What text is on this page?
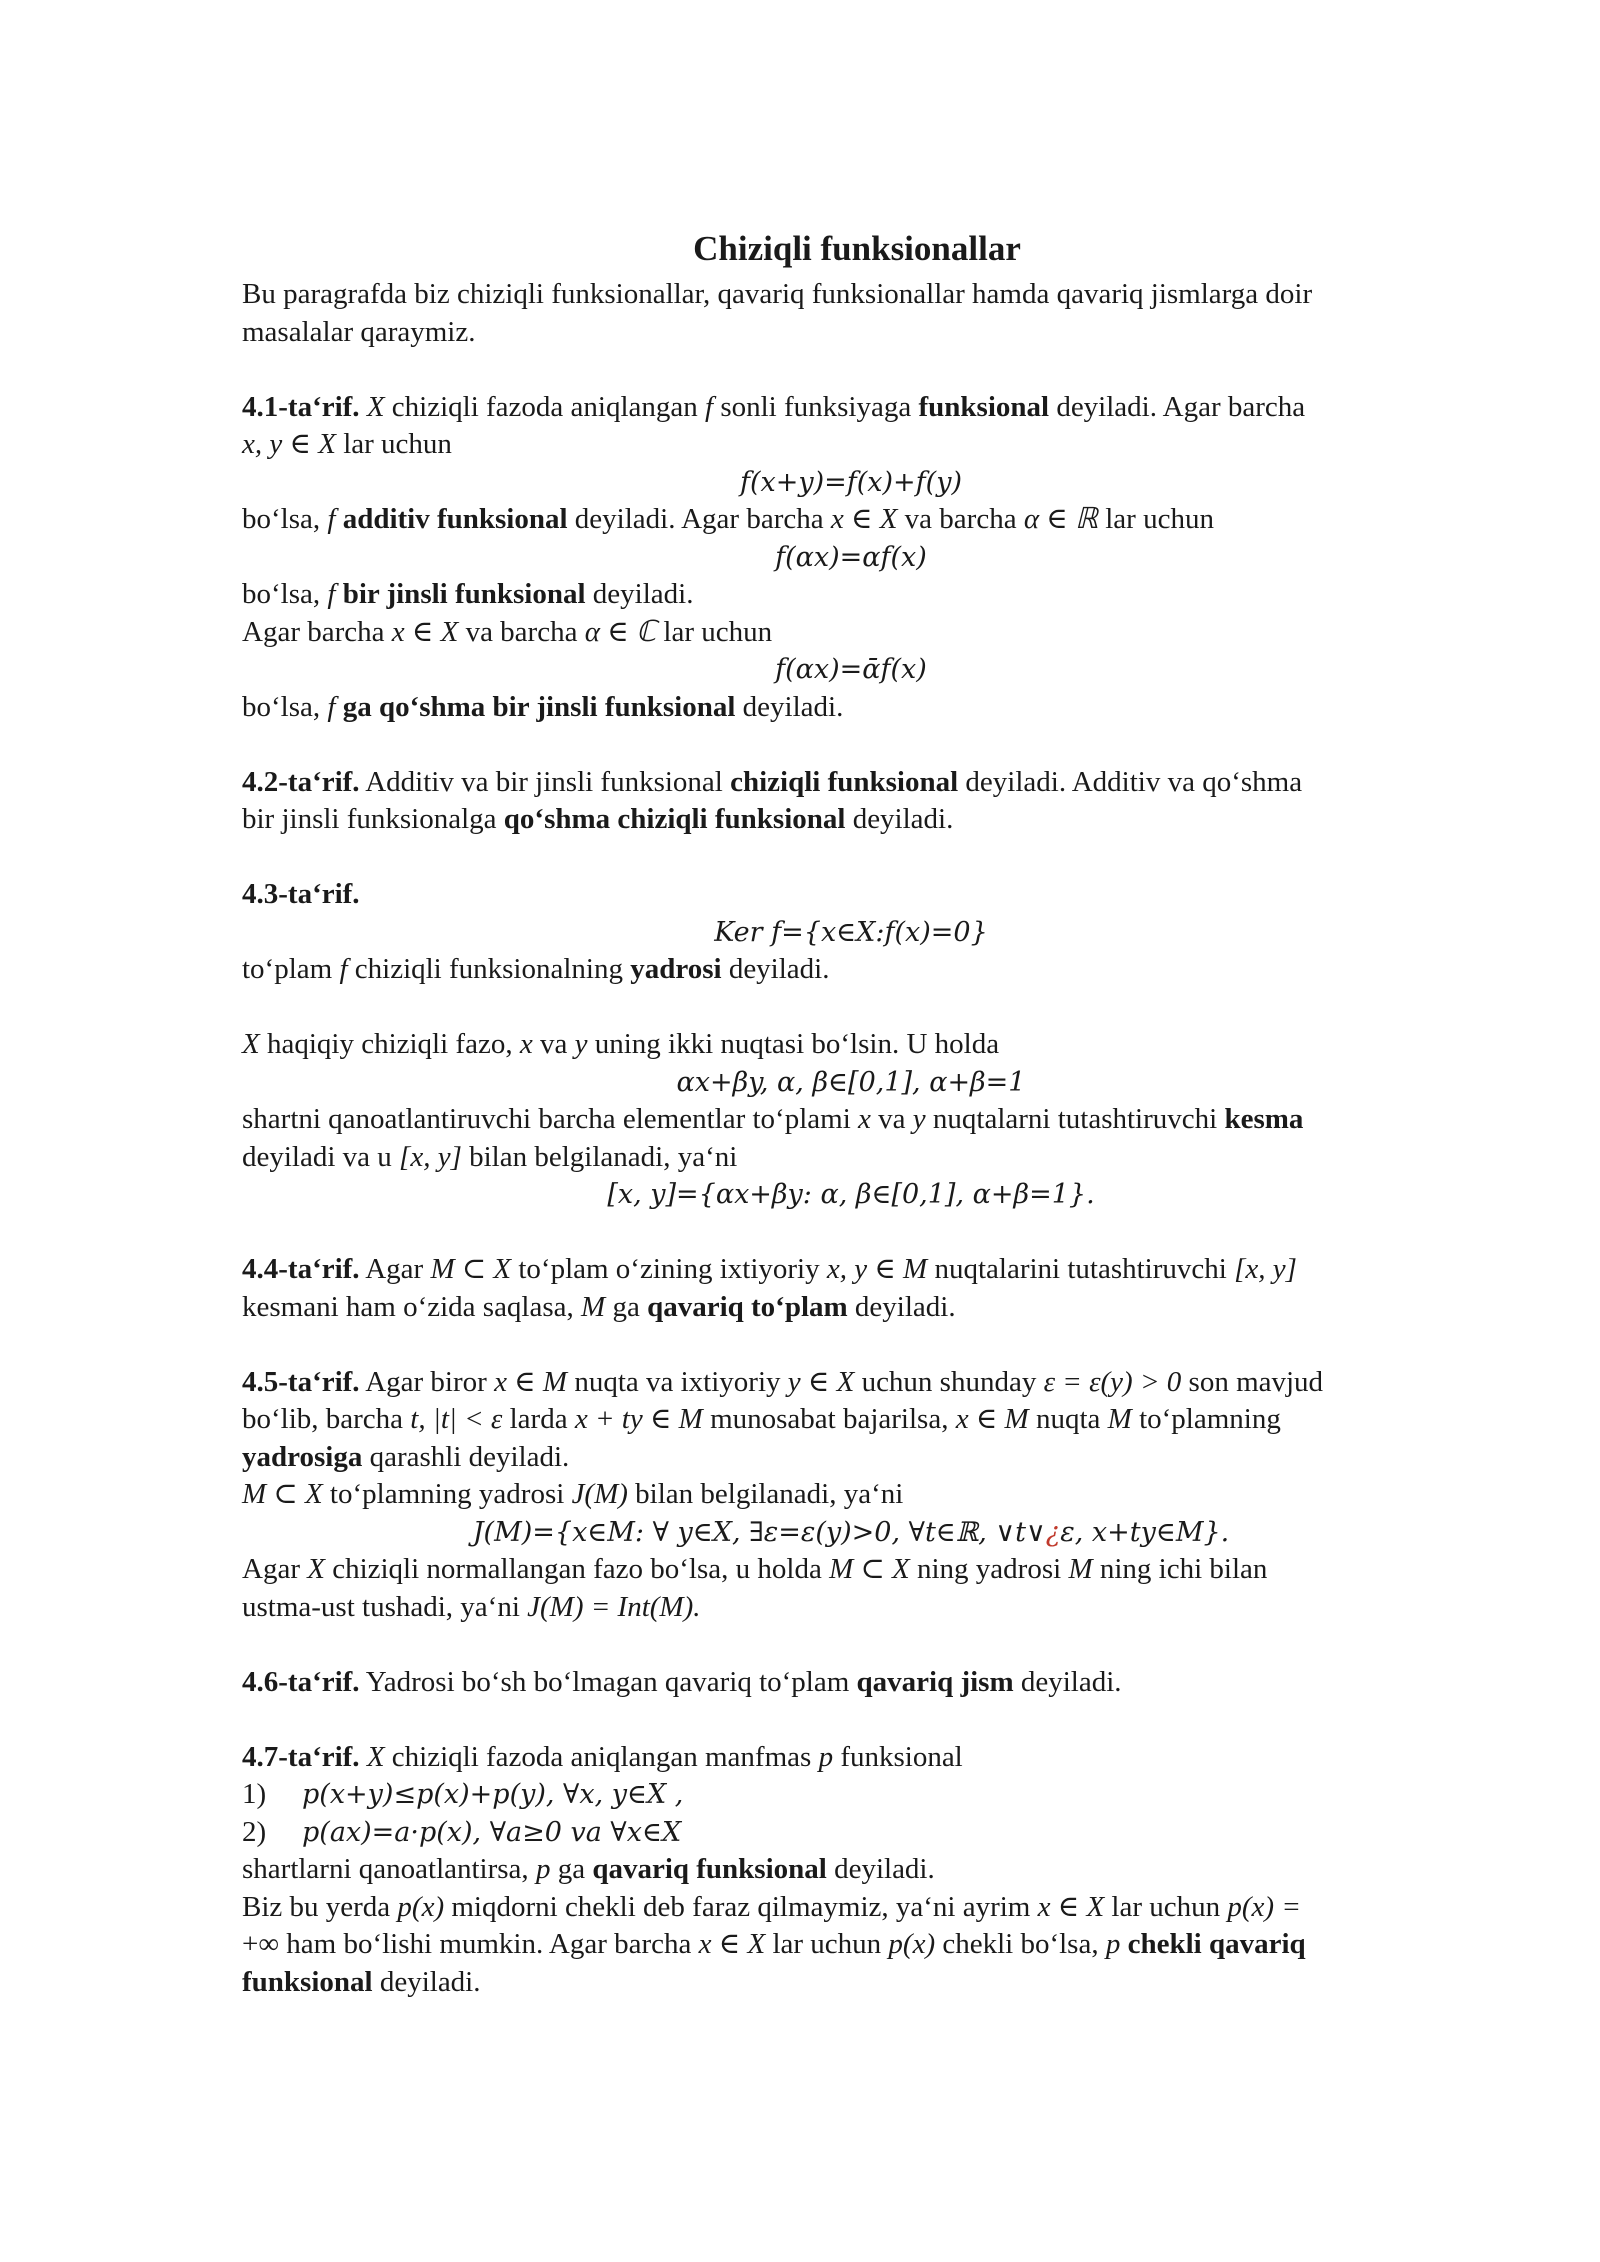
Chiziqli funksionallar

Bu paragrafda biz chiziqli funksionallar, qavariq funksionallar hamda qavariq jismlarga doir

masalalar qaraymiz.

4.1-ta‘rif. X chiziqli fazoda aniqlangan f sonli funksiyaga funksional deyiladi. Agar barcha

x, y ∈ X lar uchun

f(x+y)=f(x)+f(y)

bo‘lsa, f additiv funksional deyiladi. Agar barcha x ∈ X va barcha α ∈ ℝ lar uchun

f(αx)=αf(x)

bo‘lsa, f bir jinsli funksional deyiladi.

Agar barcha x ∈ X va barcha α ∈ ℂ lar uchun

f(αx)=ᾱf(x)

bo‘lsa, f ga qo‘shma bir jinsli funksional deyiladi.

4.2-ta‘rif. Additiv va bir jinsli funksional chiziqli funksional deyiladi. Additiv va qo‘shma

bir jinsli funksionalga qo‘shma chiziqli funksional deyiladi.

4.3-ta‘rif.

Ker f={x∈X:f(x)=0}

to‘plam f chiziqli funksionalning yadrosi deyiladi.

X haqiqiy chiziqli fazo, x va y uning ikki nuqtasi bo‘lsin. U holda

αx+βy, α, β∈[0,1], α+β=1

shartni qanoatlantiruvchi barcha elementlar to‘plami x va y nuqtalarni tutashtiruvchi kesma

deyiladi va u [x, y] bilan belgilanadi, ya‘ni

[x, y]={αx+βy: α, β∈[0,1], α+β=1}.

4.4-ta‘rif. Agar M ⊂ X to‘plam o‘zining ixtiyoriy x, y ∈ M nuqtalarini tutashtiruvchi [x, y]

kesmani ham o‘zida saqlasa, M ga qavariq to‘plam deyiladi.

4.5-ta‘rif. Agar biror x ∈ M nuqta va ixtiyoriy y ∈ X uchun shunday ε = ε(y) > 0 son mavjud

bo‘lib, barcha t, |t| < ε larda x + ty ∈ M munosabat bajarilsa, x ∈ M nuqta M to‘plamning

yadrosiga qarashli deyiladi.

M ⊂ X to‘plamning yadrosi J(M) bilan belgilanadi, ya‘ni

J(M)={x∈M: ∀ y∈X, ∃ε=ε(y)>0, ∀t∈ℝ, ∨t∨¿ε, x+ty∈M}.

Agar X chiziqli normallangan fazo bo‘lsa, u holda M ⊂ X ning yadrosi M ning ichi bilan

ustma-ust tushadi, ya‘ni J(M) = Int(M).

4.6-ta‘rif. Yadrosi bo‘sh bo‘lmagan qavariq to‘plam qavariq jism deyiladi.

4.7-ta‘rif. X chiziqli fazoda aniqlangan manfmas p funksional

1) p(x+y)≤p(x)+p(y), ∀x, y∈X ,

2) p(ax)=a·p(x), ∀a≥0 va ∀x∈X

shartlarni qanoatlantirsa, p ga qavariq funksional deyiladi.

Biz bu yerda p(x) miqdorni chekli deb faraz qilmaymiz, ya‘ni ayrim x ∈ X lar uchun p(x) =

+∞ ham bo‘lishi mumkin. Agar barcha x ∈ X lar uchun p(x) chekli bo‘lsa, p chekli qavariq

funksional deyiladi.
